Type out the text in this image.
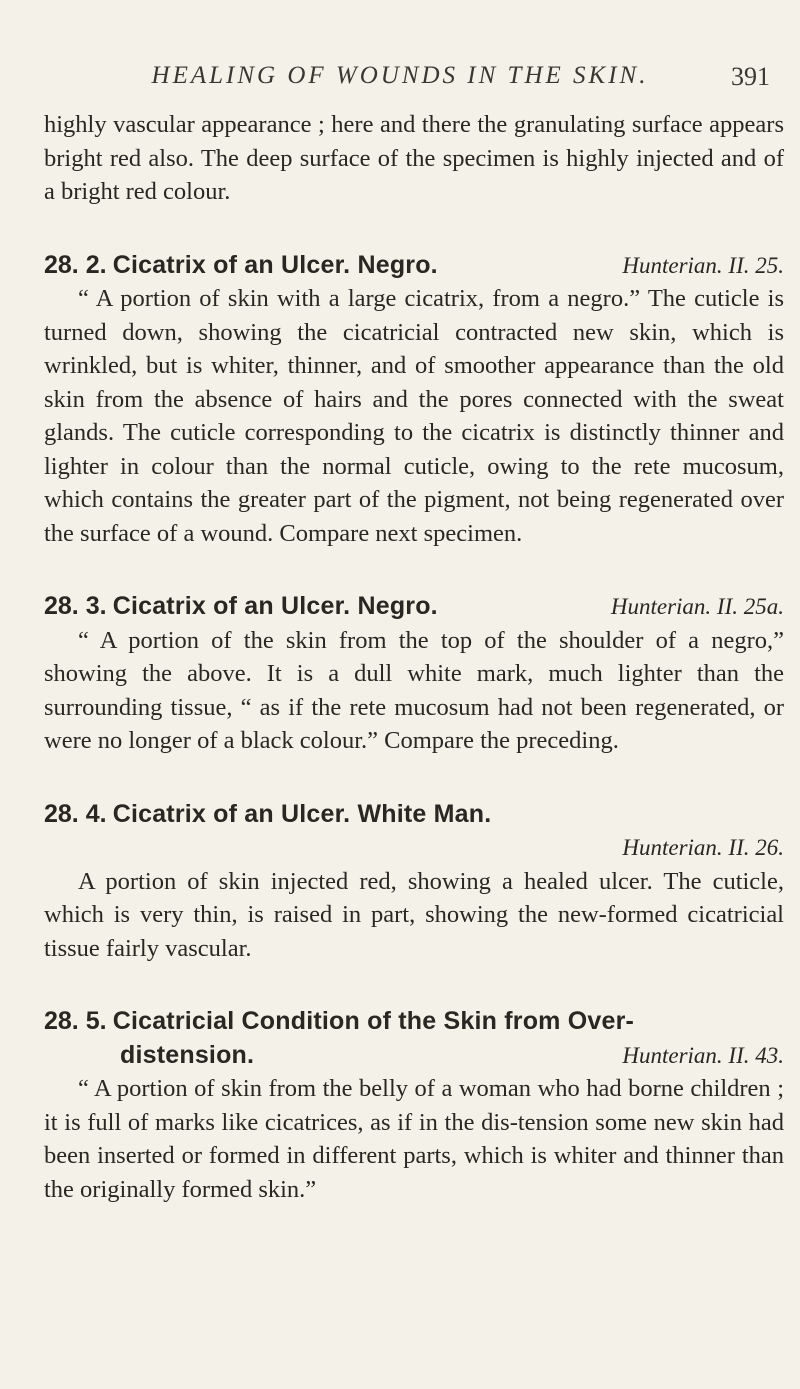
HEALING OF WOUNDS IN THE SKIN.	391

highly vascular appearance ; here and there the granulating surface appears bright red also. The deep surface of the specimen is highly injected and of a bright red colour.

28. 2. Cicatrix of an Ulcer. Negro.	Hunterian. II. 25.

“ A portion of skin with a large cicatrix, from a negro.” The cuticle is turned down, showing the cicatricial contracted new skin, which is wrinkled, but is whiter, thinner, and of smoother appearance than the old skin from the absence of hairs and the pores connected with the sweat glands. The cuticle corresponding to the cicatrix is distinctly thinner and lighter in colour than the normal cuticle, owing to the rete mucosum, which contains the greater part of the pigment, not being regenerated over the surface of a wound. Compare next specimen.

28. 3. Cicatrix of an Ulcer. Negro.	Hunterian. II. 25a.

“ A portion of the skin from the top of the shoulder of a negro,” showing the above. It is a dull white mark, much lighter than the surrounding tissue, “ as if the rete mucosum had not been regenerated, or were no longer of a black colour.” Compare the preceding.

28. 4. Cicatrix of an Ulcer. White Man.
Hunterian. II. 26.

A portion of skin injected red, showing a healed ulcer. The cuticle, which is very thin, is raised in part, showing the new-formed cicatricial tissue fairly vascular.

28. 5. Cicatricial Condition of the Skin from Over-
distension.	Hunterian. II. 43.

“ A portion of skin from the belly of a woman who had borne children ; it is full of marks like cicatrices, as if in the dis-tension some new skin had been inserted or formed in different parts, which is whiter and thinner than the originally formed skin.”
